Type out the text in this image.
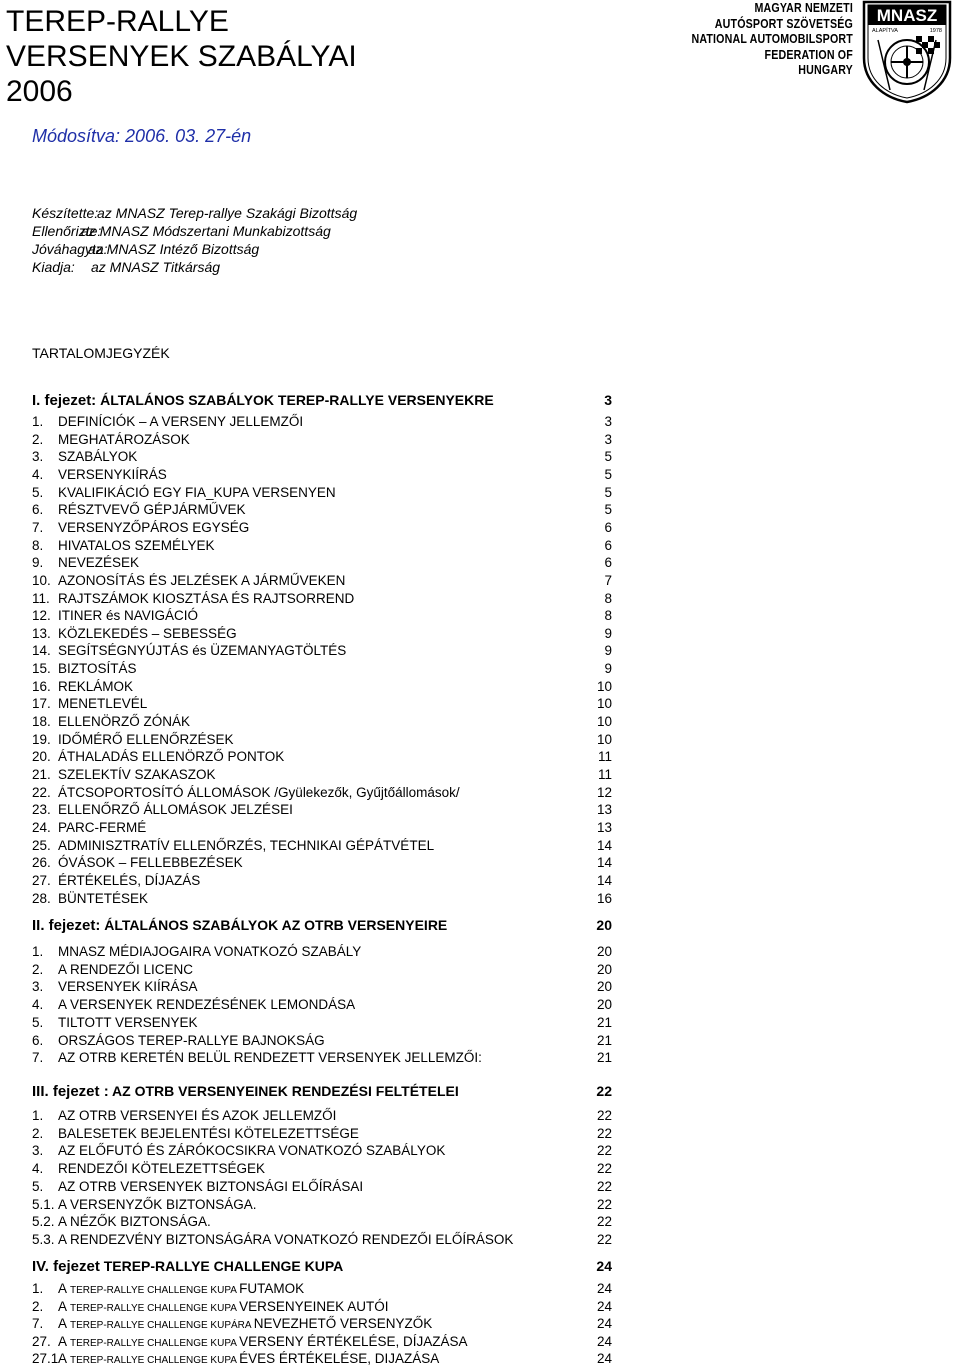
TEREP-RALLYE
VERSENYEK SZABÁLYAI
2006
Módosítva: 2006. 03. 27-én
Készítette:
az MNASZ Terep-rallye Szakági Bizottság
Ellenőrizte:
az MNASZ Módszertani Munkabizottság
Jóváhagyta:
az MNASZ Intéző Bizottság
Kiadja:	az MNASZ Titkárság
MAGYAR NEMZETI
AUTÓSPORT SZÖVETSÉG
NATIONAL AUTOMOBILSPORT
FEDERATION OF
HUNGARY
MNASZ
ALAPÍTVA	1978
TARTALOMJEGYZÉK
I. fejezet: ÁLTALÁNOS SZABÁLYOK TEREP-RALLYE VERSENYEKRE	3
1. DEFINÍCIÓK – A VERSENY JELLEMZŐI	3
2. MEGHATÁROZÁSOK	3
3. SZABÁLYOK	5
4. VERSENYKIÍRÁS	5
5. KVALIFIKÁCIÓ EGY FIA_KUPA VERSENYEN	5
6. RÉSZTVEVŐ GÉPJÁRMŰVEK	5
7. VERSENYZŐPÁROS EGYSÉG	6
8. HIVATALOS SZEMÉLYEK	6
9. NEVEZÉSEK	6
10. AZONOSÍTÁS ÉS JELZÉSEK A JÁRMŰVEKEN	7
11. RAJTSZÁMOK KIOSZTÁSA ÉS RAJTSORREND	8
12. ITINER és NAVIGÁCIÓ	8
13. KÖZLEKEDÉS – SEBESSÉG	9
14. SEGÍTSÉGNYÚJTÁS és ÜZEMANYAGTÖLTÉS	9
15. BIZTOSÍTÁS	9
16. REKLÁMOK	10
17. MENETLEVÉL	10
18. ELLENÖRZŐ ZÓNÁK	10
19. IDŐMÉRŐ ELLENŐRZÉSEK	10
20. ÁTHALADÁS ELLENÖRZŐ PONTOK	11
21. SZELEKTÍV SZAKASZOK	11
22. ÁTCSOPORTOSÍTÓ ÁLLOMÁSOK /Gyülekezők, Gyűjtőállomások/	12
23. ELLENŐRZŐ ÁLLOMÁSOK JELZÉSEI	13
24. PARC-FERMÉ	13
25. ADMINISZTRATÍV ELLENŐRZÉS, TECHNIKAI GÉPÁTVÉTEL	14
26. ÓVÁSOK – FELLEBBEZÉSEK	14
27. ÉRTÉKELÉS, DÍJAZÁS	14
28. BÜNTETÉSEK	16
II. fejezet: ÁLTALÁNOS SZABÁLYOK AZ OTRB VERSENYEIRE	20
1. MNASZ MÉDIAJOGAIRA VONATKOZÓ SZABÁLY	20
2. A RENDEZŐI LICENC	20
3. VERSENYEK KIÍRÁSA	20
4. A VERSENYEK RENDEZÉSÉNEK LEMONDÁSA	20
5. TILTOTT VERSENYEK	21
6. ORSZÁGOS TEREP-RALLYE BAJNOKSÁG	21
7. AZ OTRB KERETÉN BELÜL RENDEZETT VERSENYEK JELLEMZŐI:	21
III. fejezet : AZ OTRB VERSENYEINEK RENDEZÉSI FELTÉTELEI	22
1. AZ OTRB VERSENYEI ÉS AZOK JELLEMZŐI	22
2. BALESETEK BEJELENTÉSI KÖTELEZETTSÉGE	22
3. AZ ELŐFUTÓ ÉS ZÁRÓKOCSIKRA VONATKOZÓ SZABÁLYOK	22
4. RENDEZŐI KÖTELEZETTSÉGEK	22
5. AZ OTRB VERSENYEK BIZTONSÁGI ELŐÍRÁSAI	22
5.1. A VERSENYZŐK BIZTONSÁGA.	22
5.2. A NÉZŐK BIZTONSÁGA.	22
5.3. A RENDEZVÉNY BIZTONSÁGÁRA VONATKOZÓ RENDEZŐI ELŐÍRÁSOK	22
IV. fejezet TEREP-RALLYE CHALLENGE KUPA	24
1. A TEREP-RALLYE CHALLENGE KUPA FUTAMOK	24
2. A TEREP-RALLYE CHALLENGE KUPA VERSENYEINEK AUTÓI	24
7. A TEREP-RALLYE CHALLENGE KUPÁRA NEVEZHETŐ VERSENYZŐK	24
27. A TEREP-RALLYE CHALLENGE KUPA VERSENY ÉRTÉKELÉSE, DÍJAZÁSA	24
27.1 A TEREP-RALLYE CHALLENGE KUPA ÉVES ÉRTÉKELÉSE, DIJAZÁSA	24
